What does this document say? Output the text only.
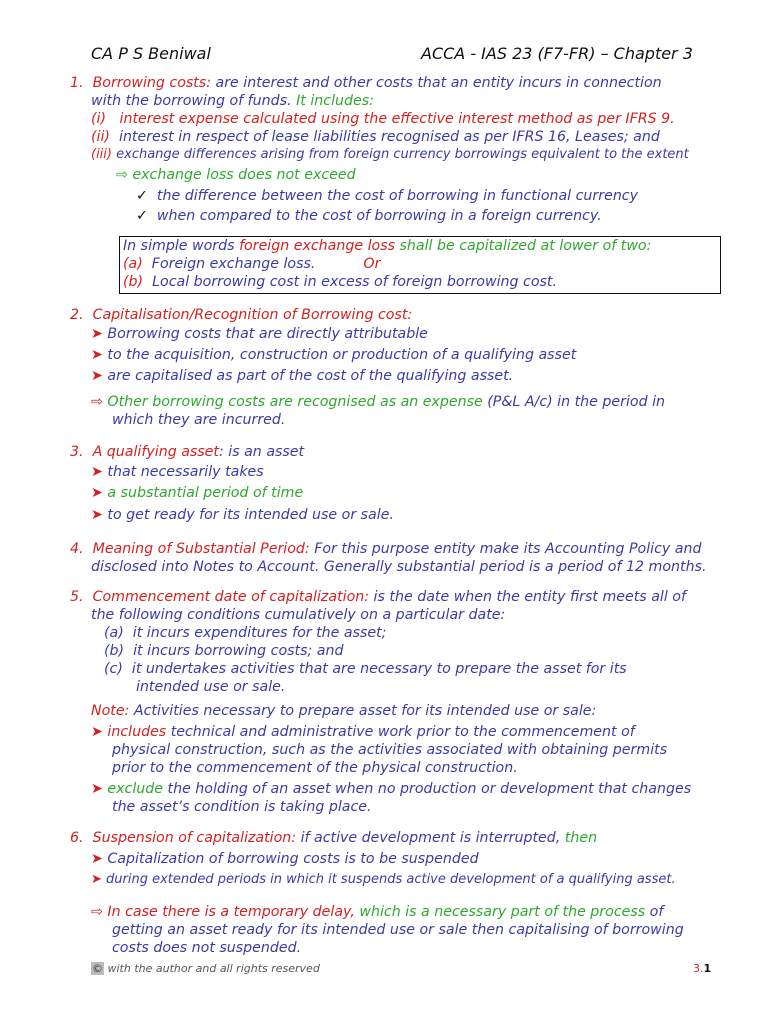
CA P S Beniwal	ACCA - IAS 23 (F7-FR) – Chapter 3
1. Borrowing costs: are interest and other costs that an entity incurs in connection
with the borrowing of funds. It includes:
(i) interest expense calculated using the effective interest method as per IFRS 9.
(ii) interest in respect of lease liabilities recognised as per IFRS 16, Leases; and
(iii) exchange differences arising from foreign currency borrowings equivalent to the extent
⇨ exchange loss does not exceed
✓ the difference between the cost of borrowing in functional currency
✓ when compared to the cost of borrowing in a foreign currency.
In simple words foreign exchange loss shall be capitalized at lower of two:
(a) Foreign exchange loss.	Or
(b) Local borrowing cost in excess of foreign borrowing cost.
2. Capitalisation/Recognition of Borrowing cost:
➤ Borrowing costs that are directly attributable
➤ to the acquisition, construction or production of a qualifying asset
➤ are capitalised as part of the cost of the qualifying asset.
⇨ Other borrowing costs are recognised as an expense (P&L A/c) in the period in
which they are incurred.
3. A qualifying asset: is an asset
➤ that necessarily takes
➤ a substantial period of time
➤ to get ready for its intended use or sale.
4. Meaning of Substantial Period: For this purpose entity make its Accounting Policy and
disclosed into Notes to Account. Generally substantial period is a period of 12 months.
5. Commencement date of capitalization: is the date when the entity first meets all of
the following conditions cumulatively on a particular date:
(a) it incurs expenditures for the asset;
(b) it incurs borrowing costs; and
(c) it undertakes activities that are necessary to prepare the asset for its
intended use or sale.
Note: Activities necessary to prepare asset for its intended use or sale:
➤ includes technical and administrative work prior to the commencement of
physical construction, such as the activities associated with obtaining permits
prior to the commencement of the physical construction.
➤ exclude the holding of an asset when no production or development that changes
the asset’s condition is taking place.
6. Suspension of capitalization: if active development is interrupted, then
➤ Capitalization of borrowing costs is to be suspended
➤ during extended periods in which it suspends active development of a qualifying asset.
⇨ In case there is a temporary delay, which is a necessary part of the process of
getting an asset ready for its intended use or sale then capitalising of borrowing
costs does not suspended.
© with the author and all rights reserved	3.1
